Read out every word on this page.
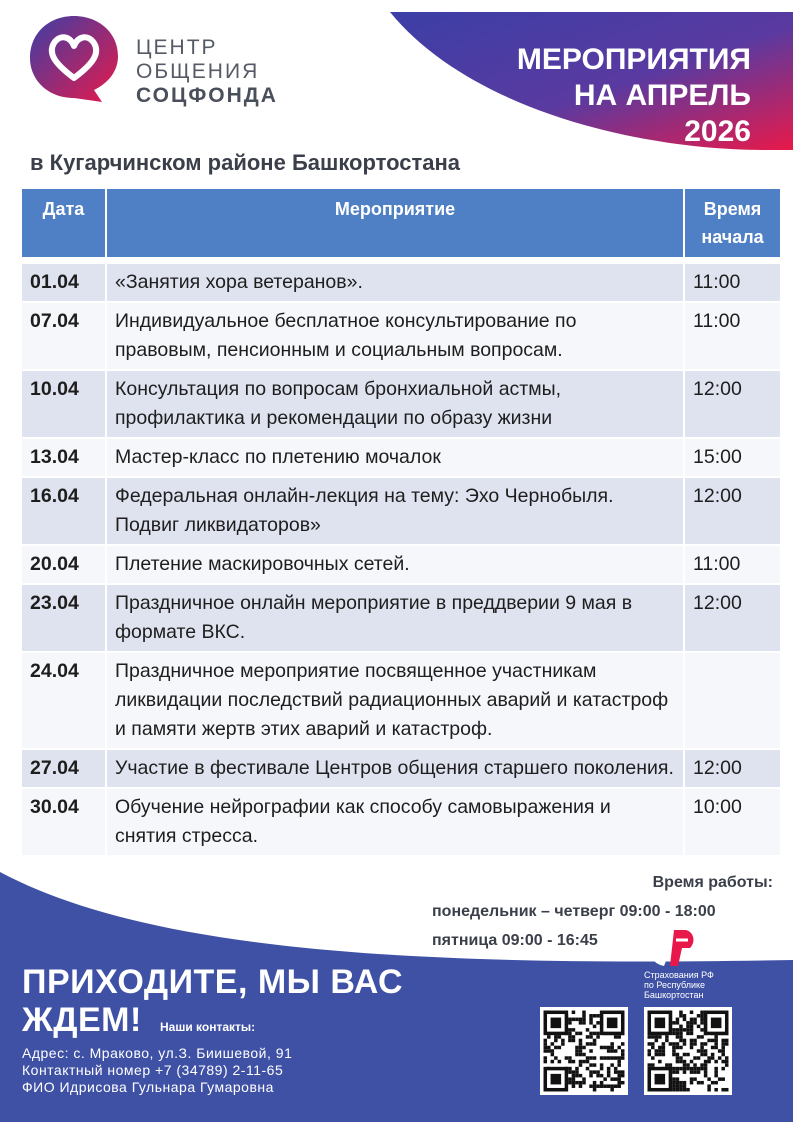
ЦЕНТР
ОБЩЕНИЯ
СОЦФОНДА
МЕРОПРИЯТИЯ
НА АПРЕЛЬ
2026
в Кугарчинском районе Башкортостана
Дата	Мероприятие	Время
начала

01.04	«Занятия хора ветеранов».	11:00
07.04	Индивидуальное бесплатное консультирование по правовым, пенсионным и социальным вопросам.	11:00
10.04	Консультация по вопросам бронхиальной астмы, профилактика и рекомендации по образу жизни	12:00
13.04	Мастер-класс по плетению мочалок	15:00
16.04	Федеральная онлайн-лекция на тему: Эхо Чернобыля. Подвиг ликвидаторов»	12:00
20.04	Плетение маскировочных сетей.	11:00
23.04	Праздничное онлайн мероприятие в преддверии 9 мая в формате ВКС.	12:00
24.04	Праздничное мероприятие посвященное участникам ликвидации последствий радиационных аварий и катастроф и памяти жертв этих аварий и катастроф.	
27.04	Участие в фестивале Центров общения старшего поколения.	12:00
30.04	Обучение нейрографии как способу самовыражения и снятия стресса.	10:00
Время работы:
понедельник – четверг 09:00 - 18:00
пятница 09:00 - 16:45
Страхования РФ
по Республике
Башкортостан
ПРИХОДИТЕ, МЫ ВАС
ЖДЕМ! Наши контакты:
Адрес: с. Мраково, ул.З. Биишевой, 91
Контактный номер +7 (34789) 2-11-65
ФИО Идрисова Гульнара Гумаровна
